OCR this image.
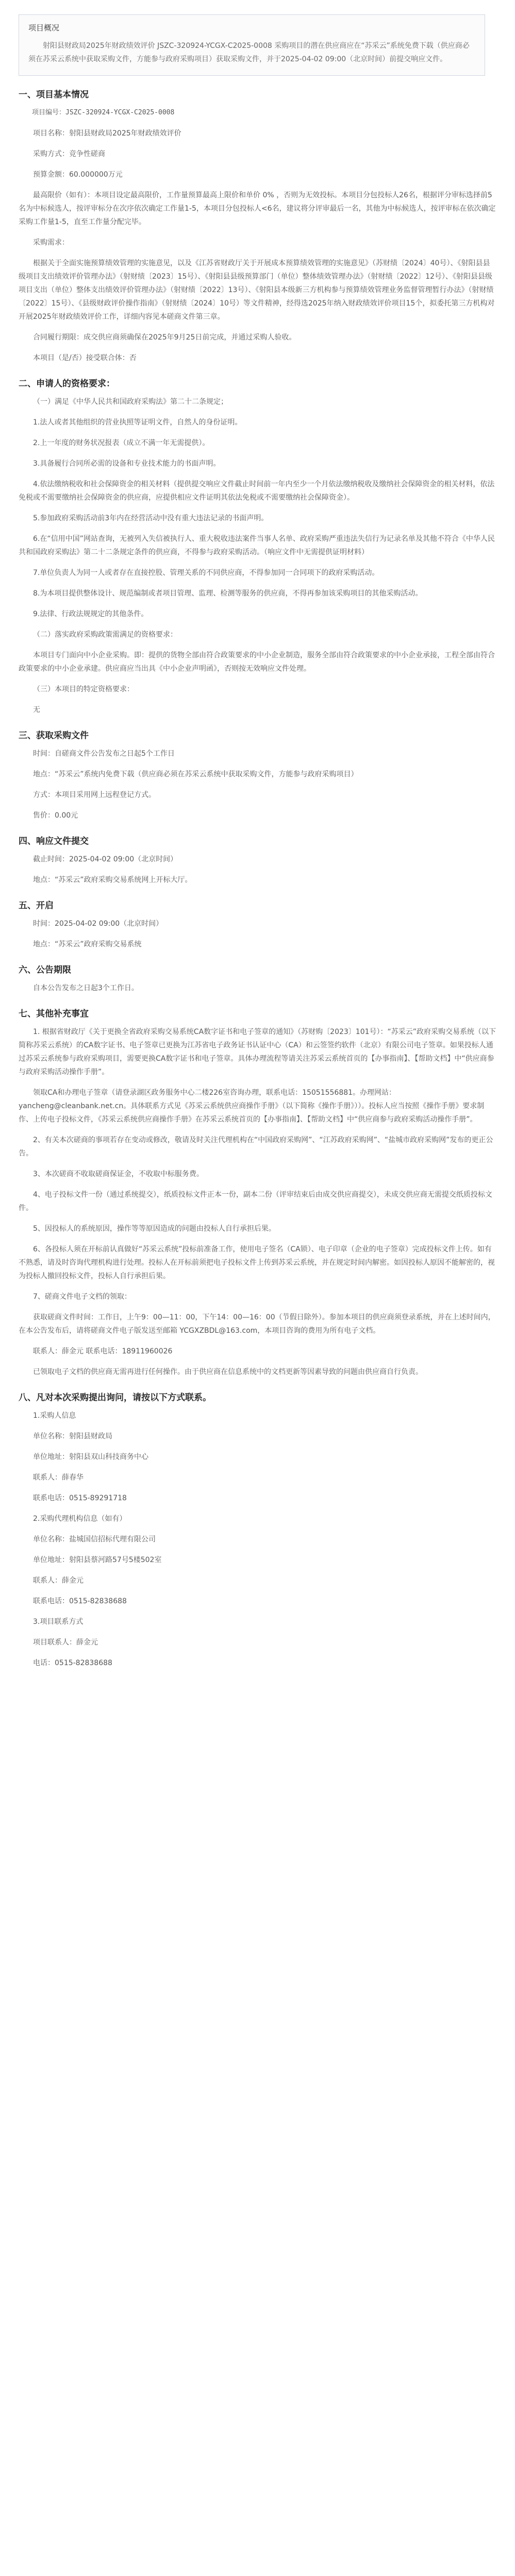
项目概况

射阳县财政局2025年财政绩效评价 JSZC-320924-YCGX-C2025-0008 采购项目的潜在供应商应在“苏采云”系统免费下载（供应商必须在苏采云系统中获取采购文件，方能参与政府采购项目）获取采购文件，并于2025-04-02 09:00（北京时间）前提交响应文件。

一、项目基本情况

项目编号：JSZC-320924-YCGX-C2025-0008

项目名称：射阳县财政局2025年财政绩效评价

采购方式：竞争性磋商

预算金额：60.000000万元

最高限价（如有）：本项目设定最高限价，工作量预算最高上限价和单价 0% ，否则为无效投标。本项目分包投标人26名，根据评分审标选择前5名为中标候选人，按评审标分在次序依次确定工作量1-5，本项目分包投标人<6名，建议将分评审最后一名，其他为中标候选人，按评审标在依次确定采购工作量1-5，直至工作量分配完毕。

采购需求：

根据关于全面实施预算绩效管理的实施意见，以及《江苏省财政厅关于开展成本预算绩效管理的实施意见》（苏财绩〔2024〕40号）、《射阳县县级项目支出绩效评价管理办法》（射财绩〔2023〕15号）、《射阳县县级预算部门（单位）整体绩效管理办法》（射财绩〔2022〕12号）、《射阳县县级项目支出（单位）整体支出绩效评价管理办法》（射财绩〔2022〕13号）、《射阳县本级新三方机构参与预算绩效管理业务监督管理暂行办法》（射财绩〔2022〕15号）、《县级财政评价操作指南》（射财绩〔2024〕10号）等文件精神，经得选2025年纳入财政绩效评价项目15个，拟委托第三方机构对开展2025年财政绩效评价工作，详细内容见本磋商文件第三章。

合同履行期限：成交供应商须确保在2025年9月25日前完成，并通过采购人验收。

本项目（是/否）接受联合体：否

二、申请人的资格要求：

（一）满足《中华人民共和国政府采购法》第二十二条规定；

1.法人或者其他组织的营业执照等证明文件，自然人的身份证明。

2.上一年度的财务状况报表（成立不满一年无需提供）。

3.具备履行合同所必需的设备和专业技术能力的书面声明。

4.依法缴纳税收和社会保障资金的相关材料（提供提交响应文件截止时间前一年内至少一个月依法缴纳税收及缴纳社会保障资金的相关材料，依法免税或不需要缴纳社会保障资金的供应商，应提供相应文件证明其依法免税或不需要缴纳社会保障资金）。

5.参加政府采购活动前3年内在经营活动中没有重大违法记录的书面声明。

6.在“信用中国”网站查询，无被列入失信被执行人、重大税收违法案件当事人名单、政府采购严重违法失信行为记录名单及其他不符合《中华人民共和国政府采购法》第二十二条规定条件的供应商，不得参与政府采购活动。（响应文件中无需提供证明材料）

7.单位负责人为同一人或者存在直接控股、管理关系的不同供应商，不得参加同一合同项下的政府采购活动。

8.为本项目提供整体设计、规范编制或者项目管理、监理、检测等服务的供应商，不得再参加该采购项目的其他采购活动。

9.法律、行政法规规定的其他条件。

（二）落实政府采购政策需满足的资格要求：

本项目专门面向中小企业采购。即：提供的货物全部由符合政策要求的中小企业制造，服务全部由符合政策要求的中小企业承接，工程全部由符合政策要求的中小企业承建。供应商应当出具《中小企业声明函》，否则按无效响应文件处理。

（三）本项目的特定资格要求：

无

三、获取采购文件

时间：自磋商文件公告发布之日起5个工作日

地点：“苏采云”系统内免费下载（供应商必须在苏采云系统中获取采购文件，方能参与政府采购项目）

方式：本项目采用网上远程登记方式。

售价：0.00元

四、响应文件提交

截止时间：2025-04-02 09:00（北京时间）

地点：“苏采云”政府采购交易系统网上开标大厅。

五、开启

时间：2025-04-02 09:00（北京时间）

地点：“苏采云”政府采购交易系统

六、公告期限

自本公告发布之日起3个工作日。

七、其他补充事宜

1. 根据省财政厅《关于更换全省政府采购交易系统CA数字证书和电子签章的通知》（苏财购〔2023〕101号）：“苏采云”政府采购交易系统（以下简称苏采云系统）的CA数字证书、电子签章已更换为江苏省电子政务证书认证中心（CA）和云签签约软件（北京）有限公司电子签章。如果投标人通过苏采云系统参与政府采购项目，需要更换CA数字证书和电子签章。具体办理流程等请关注苏采云系统首页的【办事指南】、【帮助文档】中“供应商参与政府采购活动操作手册”。

领取CA和办理电子签章（请登录湖区政务服务中心二楼226室咨询办理，联系电话：15051556881。办理网站：yancheng@cleanbank.net.cn。具体联系方式见《苏采云系统供应商操作手册》（以下简称《操作手册》））。投标人应当按照《操作手册》要求制作、上传电子投标文件，《苏采云系统供应商操作手册》在苏采云系统首页的【办事指南】、【帮助文档】中“供应商参与政府采购活动操作手册”。

2、有关本次磋商的事项若存在变动或修改，敬请及时关注代理机构在“中国政府采购网”、“江苏政府采购网”、“盐城市政府采购网”发布的更正公告。

3、本次磋商不收取磋商保证金，不收取中标服务费。

4、电子投标文件一份（通过系统提交），纸质投标文件正本一份，副本二份（评审结束后由成交供应商提交），未成交供应商无需提交纸质投标文件。

5、因投标人的系统原因，操作等等原因造成的问题由投标人自行承担后果。

6、各投标人须在开标前认真做好“苏采云系统”投标前准备工作，使用电子签名（CA锁）、电子印章（企业的电子签章）完成投标文件上传。如有不熟悉，请及时咨询代理机构进行处理。投标人在开标前须把电子投标文件上传到苏采云系统，并在规定时间内解密。如因投标人原因不能解密的，视为投标人撤回投标文件，投标人自行承担后果。

7、磋商文件电子文档的领取：

获取磋商文件时间：工作日，上午9：00—11：00，下午14：00—16：00（节假日除外）。参加本项目的供应商须登录系统，并在上述时间内，在本公告发布后，请将磋商文件电子版发送至邮箱 YCGXZBDL@163.com，本项目咨询的费用为所有电子文档。

联系人：薛金元 联系电话：18911960026

已领取电子文档的供应商无需再进行任何操作。由于供应商在信息系统中的文档更新等因素导致的问题由供应商自行负责。

八、凡对本次采购提出询问，请按以下方式联系。

1.采购人信息

单位名称：射阳县财政局

单位地址：射阳县双山科技商务中心

联系人：薛春华

联系电话：0515-89291718

2.采购代理机构信息（如有）

单位名称：盐城国信招标代理有限公司

单位地址：射阳县蔡河路57号5楼502室

联系人：薛金元

联系电话：0515-82838688

3.项目联系方式

项目联系人：薛金元

电话：0515-82838688
